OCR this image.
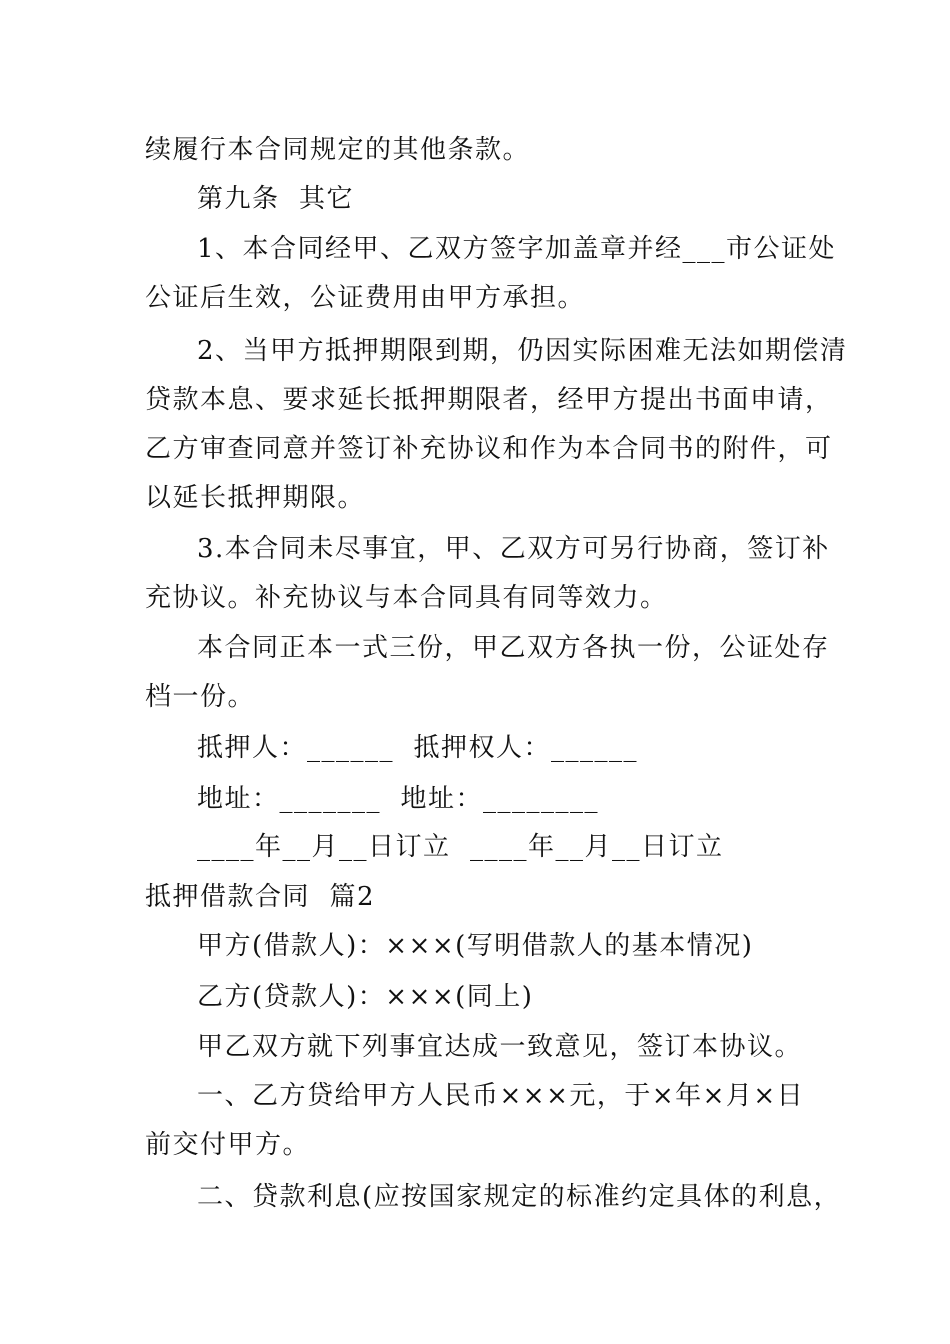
续履行本合同规定的其他条款。
第九条  其它
1、本合同经甲、乙双方签字加盖章并经___市公证处
公证后生效，公证费用由甲方承担。
2、当甲方抵押期限到期，仍因实际困难无法如期偿清
贷款本息、要求延长抵押期限者，经甲方提出书面申请，
乙方审查同意并签订补充协议和作为本合同书的附件，可
以延长抵押期限。
3.本合同未尽事宜，甲、乙双方可另行协商，签订补
充协议。补充协议与本合同具有同等效力。
本合同正本一式三份，甲乙双方各执一份，公证处存
档一份。
抵押人：______  抵押权人：______
地址：_______  地址：________
____年__月__日订立  ____年__月__日订立
抵押借款合同  篇2
甲方(借款人)：×××(写明借款人的基本情况)
乙方(贷款人)：×××(同上)
甲乙双方就下列事宜达成一致意见，签订本协议。
一、乙方贷给甲方人民币×××元，于×年×月×日
前交付甲方。
二、贷款利息(应按国家规定的标准约定具体的利息，
